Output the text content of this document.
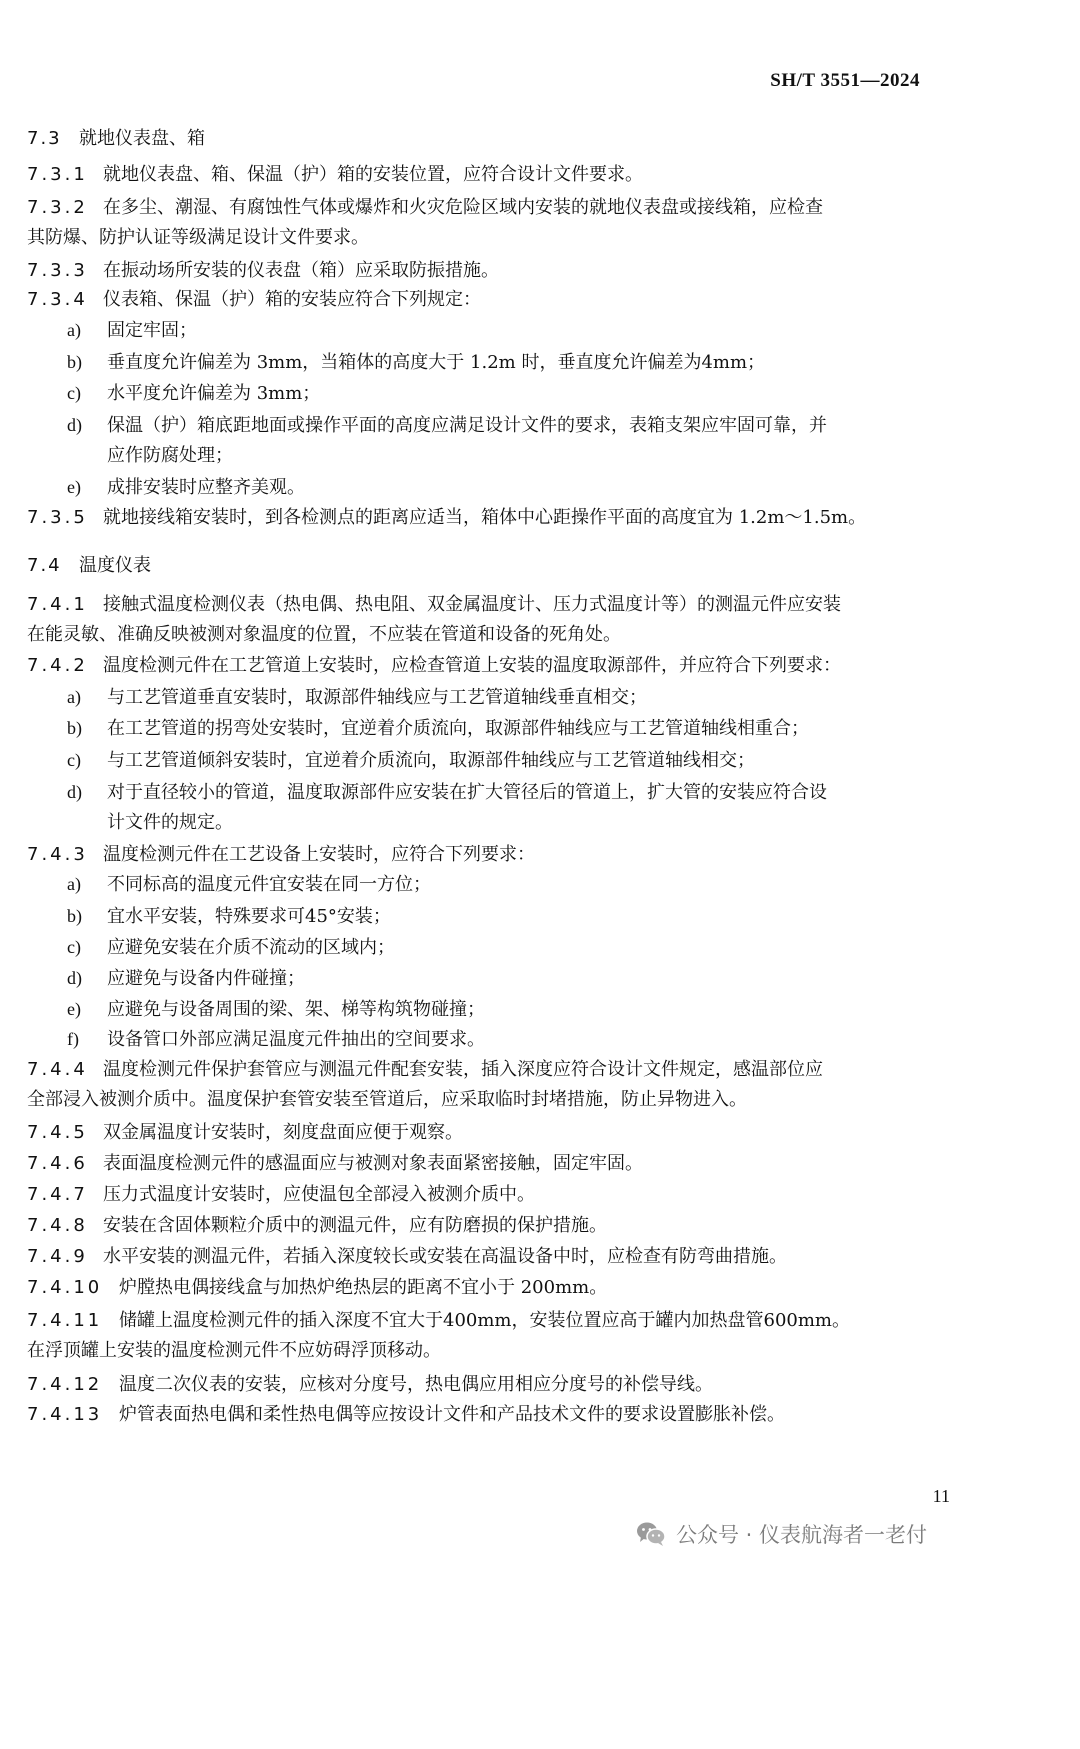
SH/T 3551—2024
7.3 就地仪表盘、箱

7.3.1 就地仪表盘、箱、保温（护）箱的安装位置，应符合设计文件要求。

7.3.2 在多尘、潮湿、有腐蚀性气体或爆炸和火灾危险区域内安装的就地仪表盘或接线箱，应检查
其防爆、防护认证等级满足设计文件要求。

7.3.3 在振动场所安装的仪表盘（箱）应采取防振措施。

7.3.4 仪表箱、保温（护）箱的安装应符合下列规定：

a) 固定牢固；

b) 垂直度允许偏差为 3mm，当箱体的高度大于 1.2m 时，垂直度允许偏差为4mm；

c) 水平度允许偏差为 3mm；

d) 保温（护）箱底距地面或操作平面的高度应满足设计文件的要求，表箱支架应牢固可靠，并
应作防腐处理；

e) 成排安装时应整齐美观。

7.3.5 就地接线箱安装时，到各检测点的距离应适当，箱体中心距操作平面的高度宜为 1.2m～1.5m。

7.4 温度仪表

7.4.1 接触式温度检测仪表（热电偶、热电阻、双金属温度计、压力式温度计等）的测温元件应安装
在能灵敏、准确反映被测对象温度的位置，不应装在管道和设备的死角处。

7.4.2 温度检测元件在工艺管道上安装时，应检查管道上安装的温度取源部件，并应符合下列要求：

a) 与工艺管道垂直安装时，取源部件轴线应与工艺管道轴线垂直相交；

b) 在工艺管道的拐弯处安装时，宜逆着介质流向，取源部件轴线应与工艺管道轴线相重合；

c) 与工艺管道倾斜安装时，宜逆着介质流向，取源部件轴线应与工艺管道轴线相交；

d) 对于直径较小的管道，温度取源部件应安装在扩大管径后的管道上，扩大管的安装应符合设
计文件的规定。

7.4.3 温度检测元件在工艺设备上安装时，应符合下列要求：

a) 不同标高的温度元件宜安装在同一方位；

b) 宜水平安装，特殊要求可45°安装；

c) 应避免安装在介质不流动的区域内；

d) 应避免与设备内件碰撞；

e) 应避免与设备周围的梁、架、梯等构筑物碰撞；

f) 设备管口外部应满足温度元件抽出的空间要求。

7.4.4 温度检测元件保护套管应与测温元件配套安装，插入深度应符合设计文件规定，感温部位应
全部浸入被测介质中。温度保护套管安装至管道后，应采取临时封堵措施，防止异物进入。

7.4.5 双金属温度计安装时，刻度盘面应便于观察。

7.4.6 表面温度检测元件的感温面应与被测对象表面紧密接触，固定牢固。

7.4.7 压力式温度计安装时，应使温包全部浸入被测介质中。

7.4.8 安装在含固体颗粒介质中的测温元件，应有防磨损的保护措施。

7.4.9 水平安装的测温元件，若插入深度较长或安装在高温设备中时，应检查有防弯曲措施。

7.4.10 炉膛热电偶接线盒与加热炉绝热层的距离不宜小于 200mm。

7.4.11 储罐上温度检测元件的插入深度不宜大于400mm，安装位置应高于罐内加热盘管600mm。
在浮顶罐上安装的温度检测元件不应妨碍浮顶移动。

7.4.12 温度二次仪表的安装，应核对分度号，热电偶应用相应分度号的补偿导线。

7.4.13 炉管表面热电偶和柔性热电偶等应按设计文件和产品技术文件的要求设置膨胀补偿。

11
公众号 · 仪表航海者一老付
